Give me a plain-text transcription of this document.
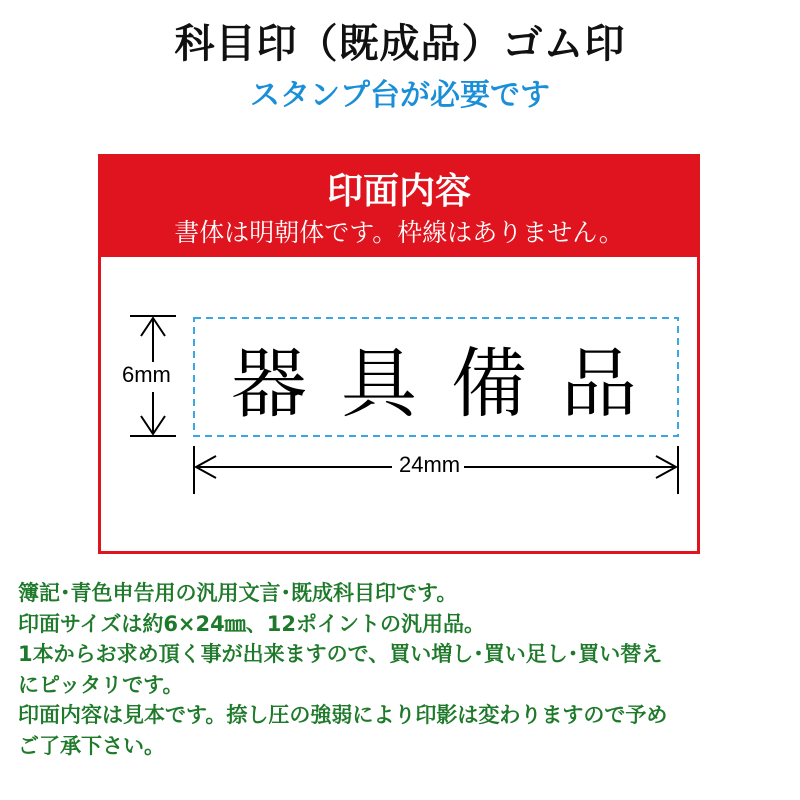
科目印（既成品）ゴム印
スタンプ台が必要です
印面内容
書体は明朝体です。枠線はありません。
器具備品
6mm
24mm
簿記･青色申告用の汎用文言･既成科目印です。
印面サイズは約6×24㎜、12ポイントの汎用品。
1本からお求め頂く事が出来ますので、買い増し･買い足し･買い替え
にピッタリです。
印面内容は見本です。捺し圧の強弱により印影は変わりますので予め
ご了承下さい。
